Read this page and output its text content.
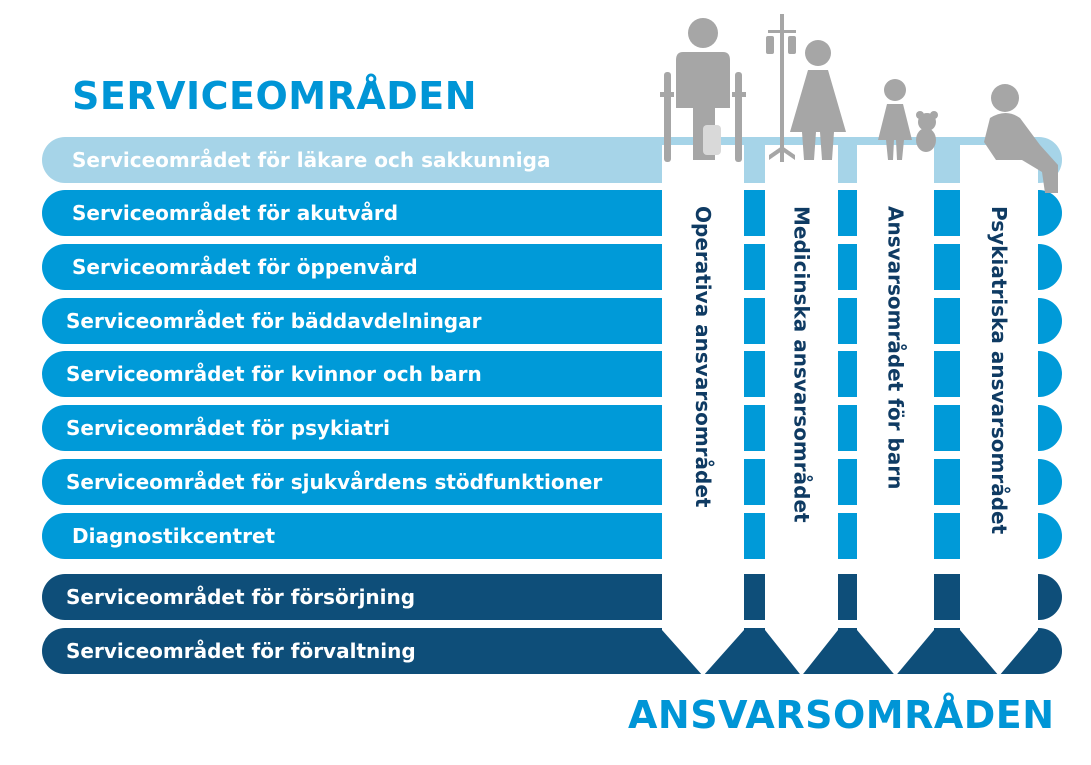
SERVICEOMRÅDEN
ANSVARSOMRÅDEN
Serviceområdet för läkare och sakkunniga
Serviceområdet för akutvård
Serviceområdet för öppenvård
Serviceområdet för bäddavdelningar
Serviceområdet för kvinnor och barn
Serviceområdet för psykiatri
Serviceområdet för sjukvårdens stödfunktioner
Diagnostikcentret
Serviceområdet för försörjning
Serviceområdet för förvaltning
Operativa ansvarsområdet	Medicinska ansvarsområdet	Ansvarsområdet för barn	Psykiatriska ansvarsområdet
